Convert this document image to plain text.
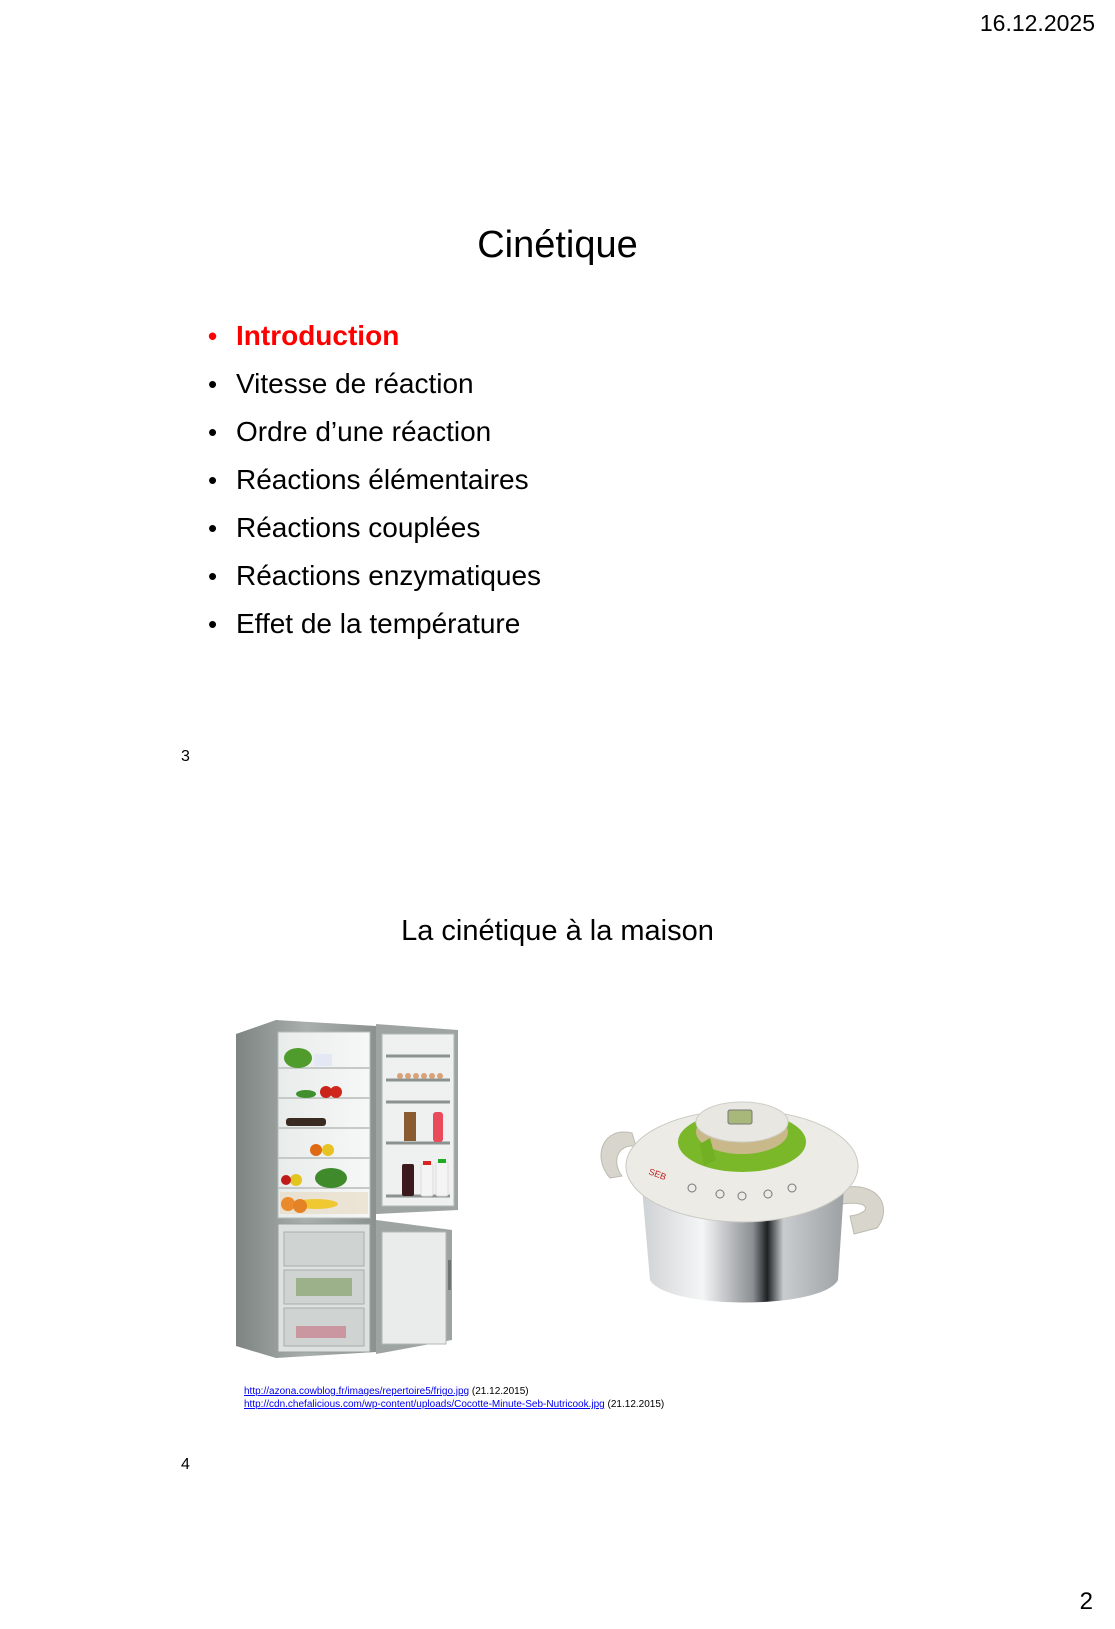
16.12.2025
Cinétique
• Introduction
• Vitesse de réaction
• Ordre d’une réaction
• Réactions élémentaires
• Réactions couplées
• Réactions enzymatiques
• Effet de la température
3
La cinétique à la maison
SEB
http://azona.cowblog.fr/images/repertoire5/frigo.jpg (21.12.2015)
http://cdn.chefalicious.com/wp-content/uploads/Cocotte-Minute-Seb-Nutricook.jpg (21.12.2015)
4
2
